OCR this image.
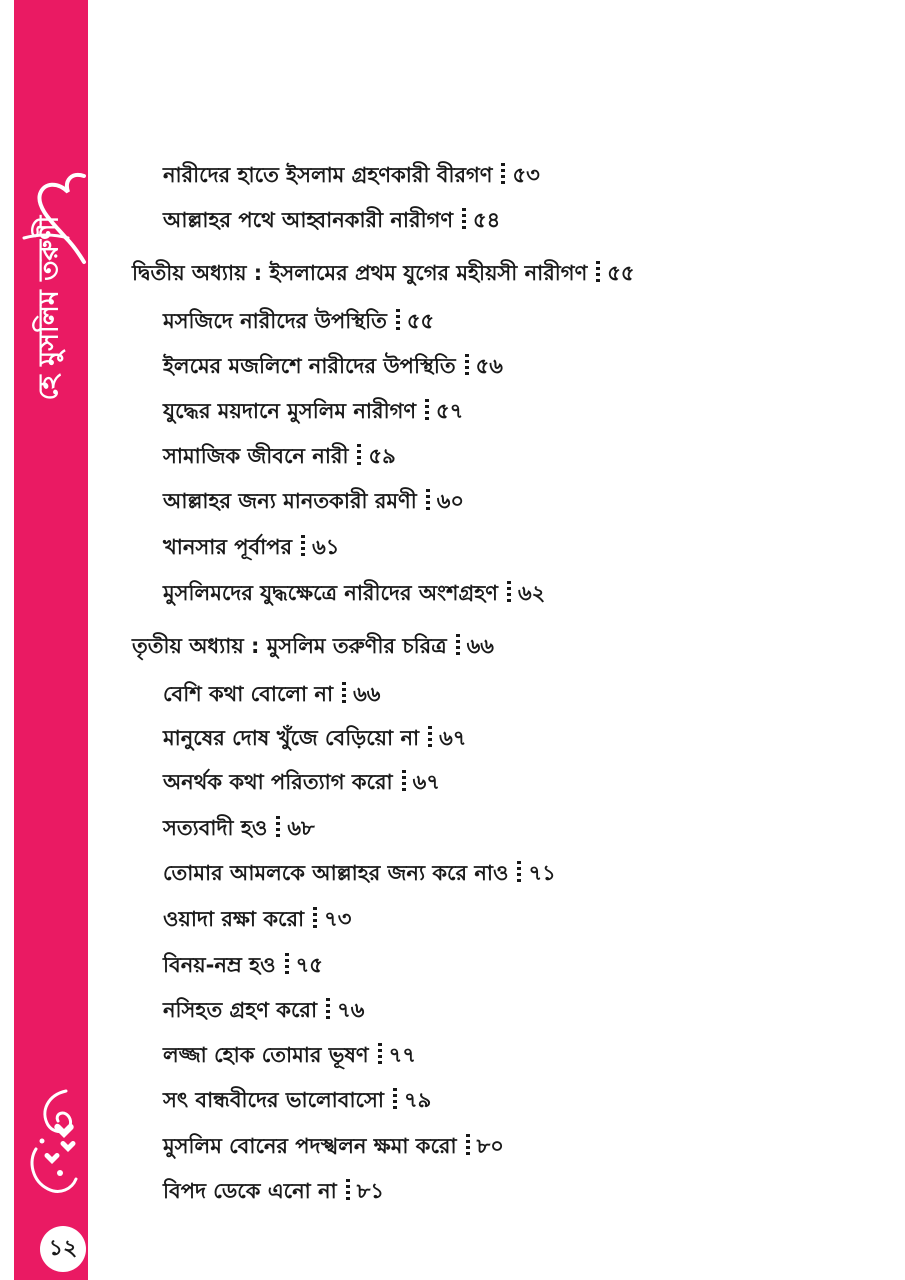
হে মুসলিম তরুণী
১২
নারীদের হাতে ইসলাম গ্রহণকারী বীরগণ ৫৩
আল্লাহর পথে আহ্বানকারী নারীগণ ৫৪
দ্বিতীয় অধ্যায় : ইসলামের প্রথম যুগের মহীয়সী নারীগণ ৫৫
মসজিদে নারীদের উপস্থিতি ৫৫
ইলমের মজলিশে নারীদের উপস্থিতি ৫৬
যুদ্ধের ময়দানে মুসলিম নারীগণ ৫৭
সামাজিক জীবনে নারী ৫৯
আল্লাহর জন্য মানতকারী রমণী ৬০
খানসার পূর্বাপর ৬১
মুসলিমদের যুদ্ধক্ষেত্রে নারীদের অংশগ্রহণ ৬২
তৃতীয় অধ্যায় : মুসলিম তরুণীর চরিত্র ৬৬
বেশি কথা বোলো না ৬৬
মানুষের দোষ খুঁজে বেড়িয়ো না ৬৭
অনর্থক কথা পরিত্যাগ করো ৬৭
সত্যবাদী হও ৬৮
তোমার আমলকে আল্লাহর জন্য করে নাও ৭১
ওয়াদা রক্ষা করো ৭৩
বিনয়-নম্র হও ৭৫
নসিহত গ্রহণ করো ৭৬
লজ্জা হোক তোমার ভূষণ ৭৭
সৎ বান্ধবীদের ভালোবাসো ৭৯
মুসলিম বোনের পদস্খলন ক্ষমা করো ৮০
বিপদ ডেকে এনো না ৮১
